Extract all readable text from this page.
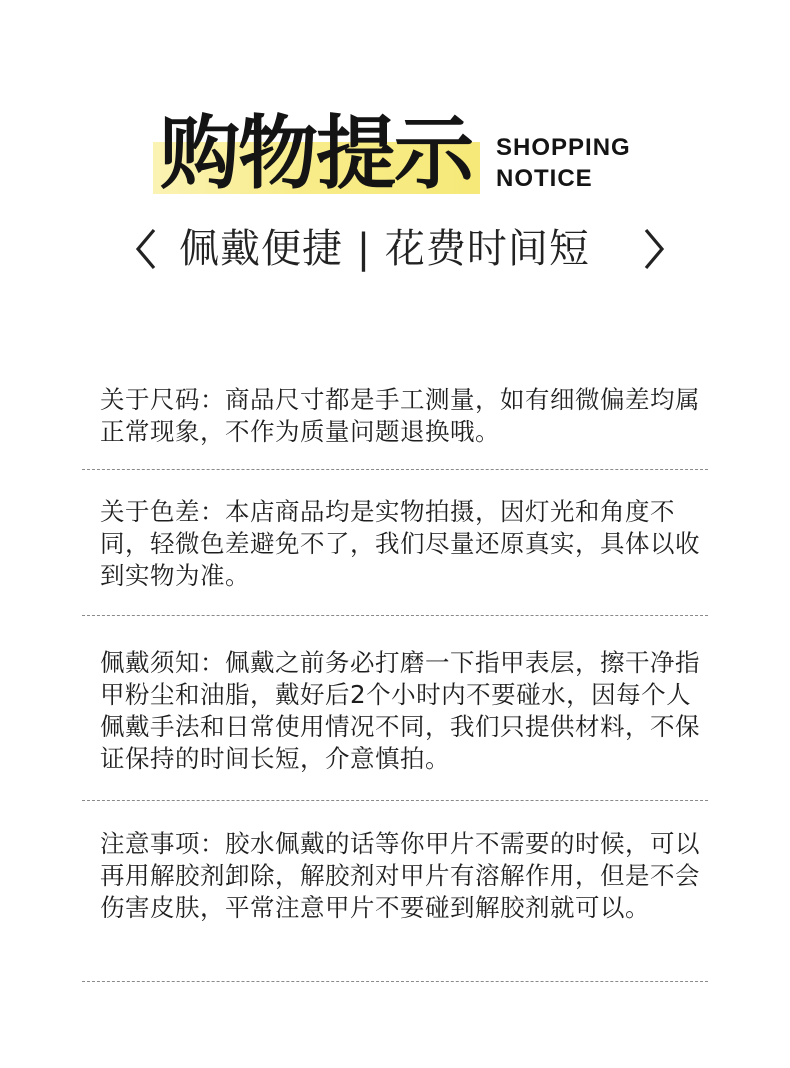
购物提示 SHOPPING
NOTICE
佩戴便捷 | 花费时间短
关于尺码：商品尺寸都是手工测量，如有细微偏差均属正常现象，不作为质量问题退换哦。
关于色差：本店商品均是实物拍摄，因灯光和角度不同，轻微色差避免不了，我们尽量还原真实，具体以收到实物为准。
佩戴须知：佩戴之前务必打磨一下指甲表层，擦干净指甲粉尘和油脂，戴好后2个小时内不要碰水，因每个人佩戴手法和日常使用情况不同，我们只提供材料，不保证保持的时间长短，介意慎拍。
注意事项：胶水佩戴的话等你甲片不需要的时候，可以再用解胶剂卸除，解胶剂对甲片有溶解作用，但是不会伤害皮肤，平常注意甲片不要碰到解胶剂就可以。
